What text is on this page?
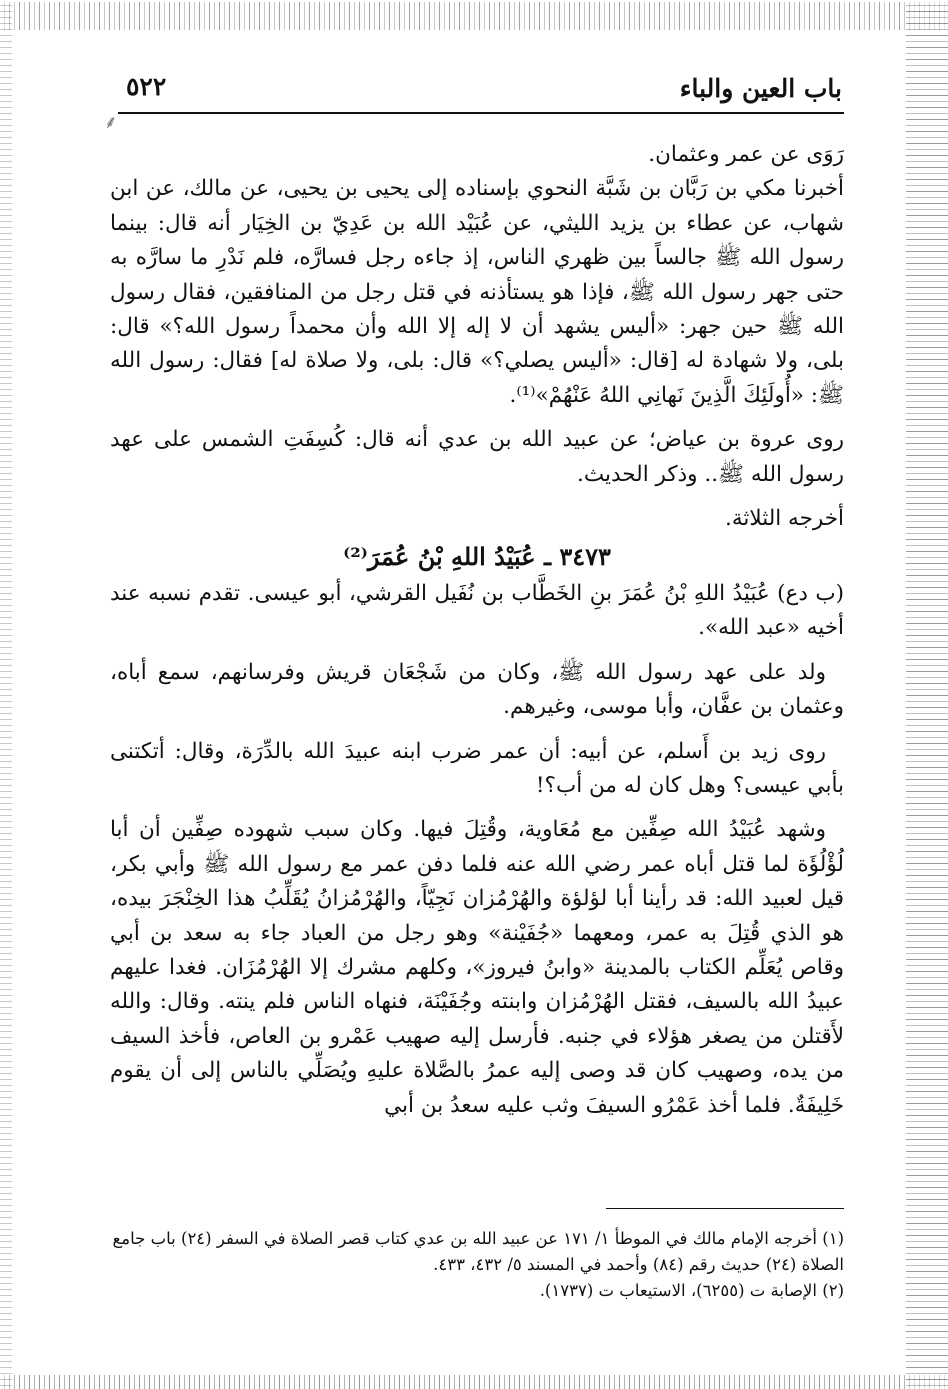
باب العين والباء
٥٢٢
⸙

رَوَى عن عمر وعثمان.

أخبرنا مكي بن رَبَّان بن شَبَّة النحوي بإسناده إلى يحيى بن يحيى، عن مالك، عن ابن شهاب، عن عطاء بن يزيد الليثي، عن عُبَيْد الله بن عَدِيّ بن الخِيَار أنه قال: بينما رسول الله ﷺ جالساً بين ظهري الناس، إذ جاءه رجل فسارَّه، فلم نَدْرِ ما سارَّه به حتى جهر رسول الله ﷺ، فإذا هو يستأذنه في قتل رجل من المنافقين، فقال رسول الله ﷺ حين جهر: «أليس يشهد أن لا إله إلا الله وأن محمداً رسول الله؟» قال: بلى، ولا شهادة له [قال: «أليس يصلي؟» قال: بلى، ولا صلاة له] فقال: رسول الله ﷺ: «أُولَئِكَ الَّذِينَ نَهانِي اللهُ عَنْهُمْ»⁽¹⁾.

روى عروة بن عياض؛ عن عبيد الله بن عدي أنه قال: كُسِفَتِ الشمس على عهد رسول الله ﷺ.. وذكر الحديث.

أخرجه الثلاثة.

٣٤٧٣ ـ عُبَيْدُ اللهِ بْنُ عُمَرَ⁽²⁾

(ب دع) عُبَيْدُ اللهِ بْنُ عُمَرَ بنِ الخَطَّاب بن نُفَيل القرشي، أبو عيسى. تقدم نسبه عند أخيه «عبد الله».

ولد على عهد رسول الله ﷺ، وكان من شَجْعَان قريش وفرسانهم، سمع أباه، وعثمان بن عفَّان، وأبا موسى، وغيرهم.

روى زيد بن أَسلم، عن أبيه: أن عمر ضرب ابنه عبيدَ الله بالدِّرَة، وقال: أتكتنى بأبي عيسى؟ وهل كان له من أب؟!

وشهد عُبَيْدُ الله صِفِّين مع مُعَاوية، وقُتِلَ فيها. وكان سبب شهوده صِفِّين أن أبا لُؤْلُؤَة لما قتل أباه عمر رضي الله عنه فلما دفن عمر مع رسول الله ﷺ وأبي بكر، قيل لعبيد الله: قد رأينا أبا لؤلؤة والهُرْمُزان نَجِيّاً، والهُرْمُزانُ يُقَلِّبُ هذا الخِنْجَرَ بيده، هو الذي قُتِلَ به عمر، ومعهما «جُفَيْنة» وهو رجل من العباد جاء به سعد بن أبي وقاص يُعَلِّم الكتاب بالمدينة «وابنُ فيروز»، وكلهم مشرك إلا الهُرْمُزَان. فغدا عليهم عبيدُ الله بالسيف، فقتل الهُرْمُزان وابنته وجُفَيْنَة، فنهاه الناس فلم ينته. وقال: والله لأَقتلن من يصغر هؤلاء في جنبه. فأرسل إليه صهيب عَمْرو بن العاص، فأخذ السيف من يده، وصهيب كان قد وصى إليه عمرُ بالصَّلاة عليهِ ويُصَلِّي بالناس إلى أن يقوم خَلِيفَةٌ. فلما أخذ عَمْرُو السيفَ وثب عليه سعدُ بن أبي

(١) أخرجه الإمام مالك في الموطأ ١/ ١٧١ عن عبيد الله بن عدي كتاب قصر الصلاة في السفر (٢٤) باب جامع الصلاة (٢٤) حديث رقم (٨٤) وأحمد في المسند ٥/ ٤٣٢، ٤٣٣.

(٢) الإصابة ت (٦٢٥٥)، الاستيعاب ت (١٧٣٧).
